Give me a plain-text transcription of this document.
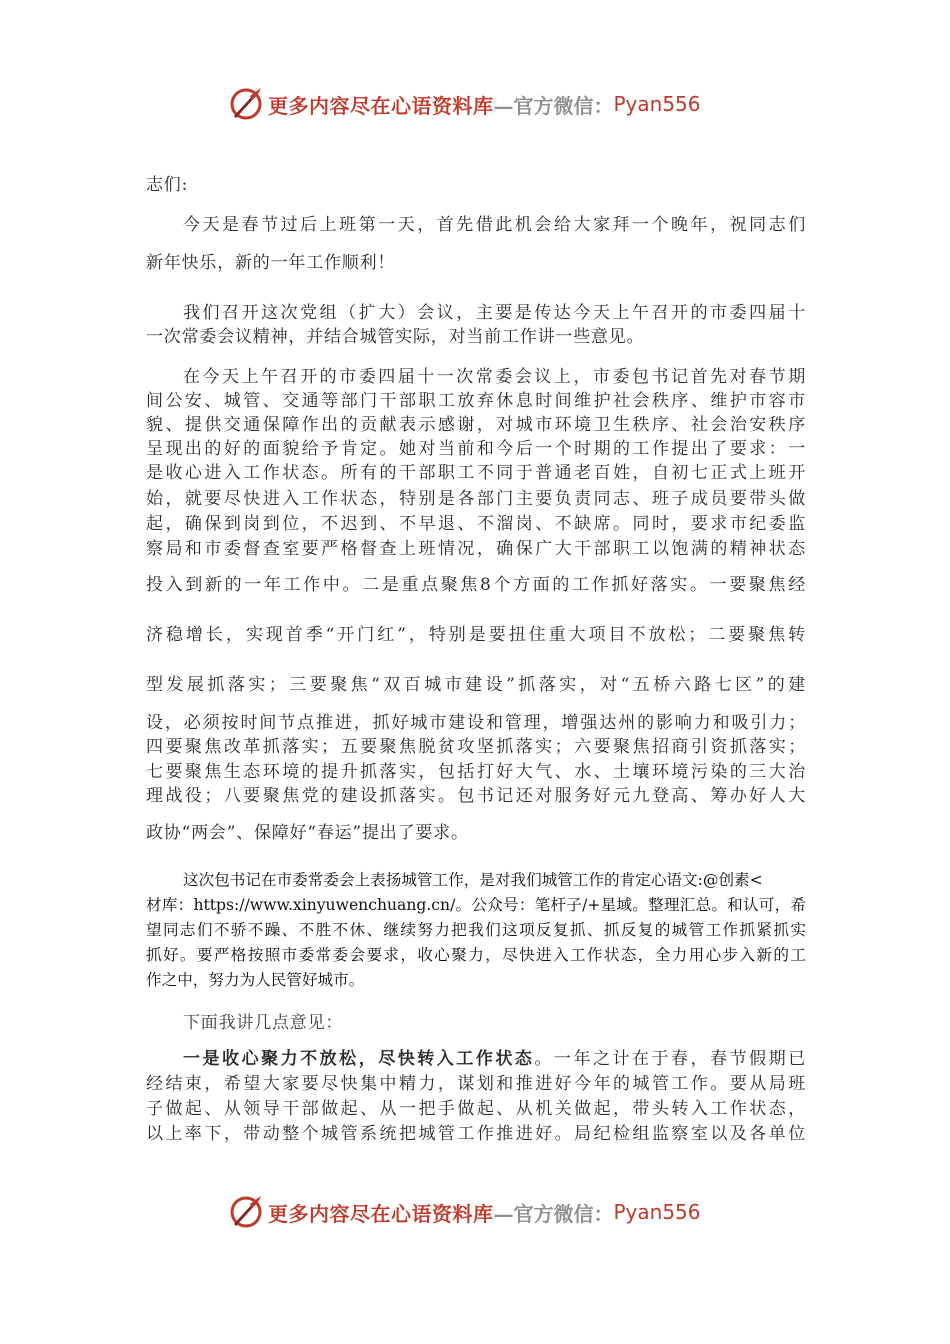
更多内容尽在心语资料库 —官方微信： Pyan556
志们:
今天是春节过后上班第一天，首先借此机会给大家拜一个晚年，祝同志们
新年快乐，新的一年工作顺利！
我们召开这次党组（扩大）会议，主要是传达今天上午召开的市委四届十
一次常委会议精神，并结合城管实际，对当前工作讲一些意见。
在今天上午召开的市委四届十一次常委会议上，市委包书记首先对春节期
间公安、城管、交通等部门干部职工放弃休息时间维护社会秩序、维护市容市
貌、提供交通保障作出的贡献表示感谢，对城市环境卫生秩序、社会治安秩序
呈现出的好的面貌给予肯定。她对当前和今后一个时期的工作提出了要求：一
是收心进入工作状态。所有的干部职工不同于普通老百姓，自初七正式上班开
始，就要尽快进入工作状态，特别是各部门主要负责同志、班子成员要带头做
起，确保到岗到位，不迟到、不早退、不溜岗、不缺席。同时，要求市纪委监
察局和市委督查室要严格督查上班情况，确保广大干部职工以饱满的精神状态
投入到新的一年工作中。二是重点聚焦8个方面的工作抓好落实。一要聚焦经
济稳增长，实现首季“开门红”，特别是要扭住重大项目不放松；二要聚焦转
型发展抓落实；三要聚焦“双百城市建设”抓落实，对“五桥六路七区”的建
设，必须按时间节点推进，抓好城市建设和管理，增强达州的影响力和吸引力；
四要聚焦改革抓落实；五要聚焦脱贫攻坚抓落实；六要聚焦招商引资抓落实；
七要聚焦生态环境的提升抓落实，包括打好大气、水、土壤环境污染的三大治
理战役；八要聚焦党的建设抓落实。包书记还对服务好元九登高、筹办好人大
政协“两会”、保障好“春运”提出了要求。
这次包书记在市委常委会上表扬城管工作，是对我们城管工作的肯定心语文:@创素<
材库：https://www.xinyuwenchuang.cn/。公众号：笔杆子/+星域。整理汇总。和认可，希
望同志们不骄不躁、不胜不休、继续努力把我们这项反复抓、抓反复的城管工作抓紧抓实
抓好。要严格按照市委常委会要求，收心聚力，尽快进入工作状态，全力用心步入新的工
作之中，努力为人民管好城市。
下面我讲几点意见：
一是收心聚力不放松，尽快转入工作状态。一年之计在于春，春节假期已
经结束，希望大家要尽快集中精力，谋划和推进好今年的城管工作。要从局班
子做起、从领导干部做起、从一把手做起、从机关做起，带头转入工作状态，
以上率下，带动整个城管系统把城管工作推进好。局纪检组监察室以及各单位
更多内容尽在心语资料库 —官方微信： Pyan556
